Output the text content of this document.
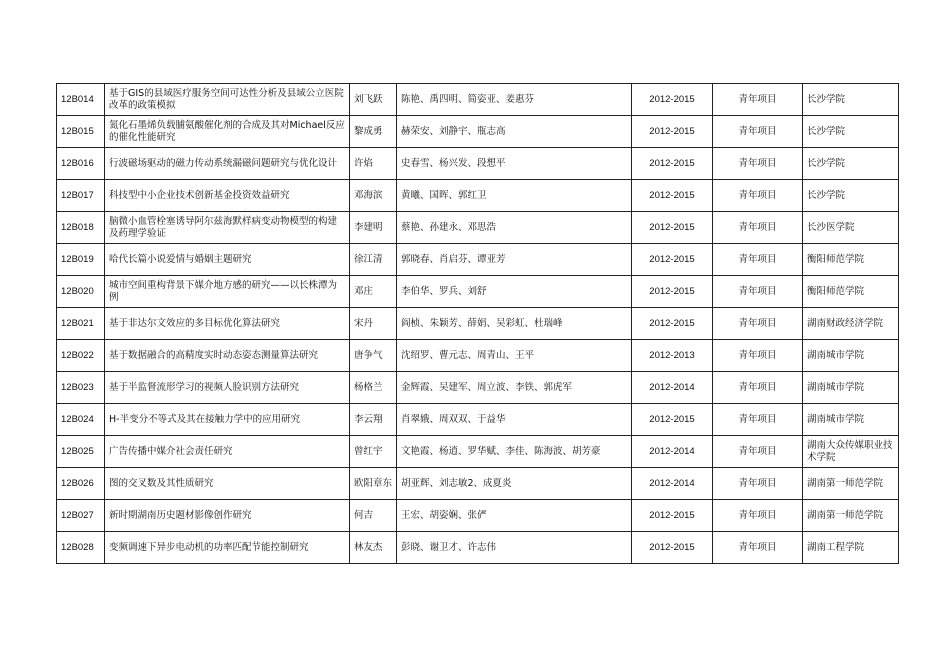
12B014	基于GIS的县域医疗服务空间可达性分析及县域公立医院改革的政策模拟	刘飞跃	陈艳、禹四明、简姿亚、姜惠芬	2012-2015	青年项目	长沙学院
12B015	氮化石墨烯负载脯氨酸催化剂的合成及其对Michael反应的催化性能研究	黎成勇	赫荣安、刘静宇、瓶志高	2012-2015	青年项目	长沙学院
12B016	行波磁场驱动的磁力传动系统漏磁问题研究与优化设计	许焰	史春雪、杨兴发、段想平	2012-2015	青年项目	长沙学院
12B017	科技型中小企业技术创新基金投资效益研究	邓海滨	黄曦、国晖、郭红卫	2012-2015	青年项目	长沙学院
12B018	脑微小血管栓塞诱导阿尔兹海默样病变动物模型的构建及药理学验证	李建明	蔡艳、孙建永、邓思浩	2012-2015	青年项目	长沙医学院
12B019	哈代长篇小说爱情与婚姻主题研究	徐江清	郭晓春、肖启芬、谭亚芳	2012-2015	青年项目	衡阳师范学院
12B020	城市空间重构背景下媒介地方感的研究——以长株潭为例	邓庄	李伯华、罗兵、刘舒	2012-2015	青年项目	衡阳师范学院
12B021	基于非达尔文效应的多目标优化算法研究	宋丹	阎桢、朱颖芳、薛娟、吴彩虹、杜瑞峰	2012-2015	青年项目	湖南财政经济学院
12B022	基于数据融合的高精度实时动态姿态测量算法研究	唐争气	沈绍罗、曹元志、周青山、王平	2012-2013	青年项目	湖南城市学院
12B023	基于半监督流形学习的视频人脸识别方法研究	杨格兰	金辉霞、吴建军、周立波、李铁、郭虎军	2012-2014	青年项目	湖南城市学院
12B024	H-半变分不等式及其在接触力学中的应用研究	李云翔	肖翠娥、周双双、于益华	2012-2015	青年项目	湖南城市学院
12B025	广告传播中媒介社会责任研究	曾红宇	文艳霞、杨逍、罗华赋、李佳、陈海波、胡芳豪	2012-2014	青年项目	湖南大众传媒职业技术学院
12B026	图的交叉数及其性质研究	欧阳章东	胡亚辉、刘志敏2、成夏炎	2012-2014	青年项目	湖南第一师范学院
12B027	新时期湖南历史题材影像创作研究	何吉	王宏、胡姿娴、张俨	2012-2015	青年项目	湖南第一师范学院
12B028	变频调速下异步电动机的功率匹配节能控制研究	林友杰	彭晓、谢卫才、许志伟	2012-2015	青年项目	湖南工程学院
